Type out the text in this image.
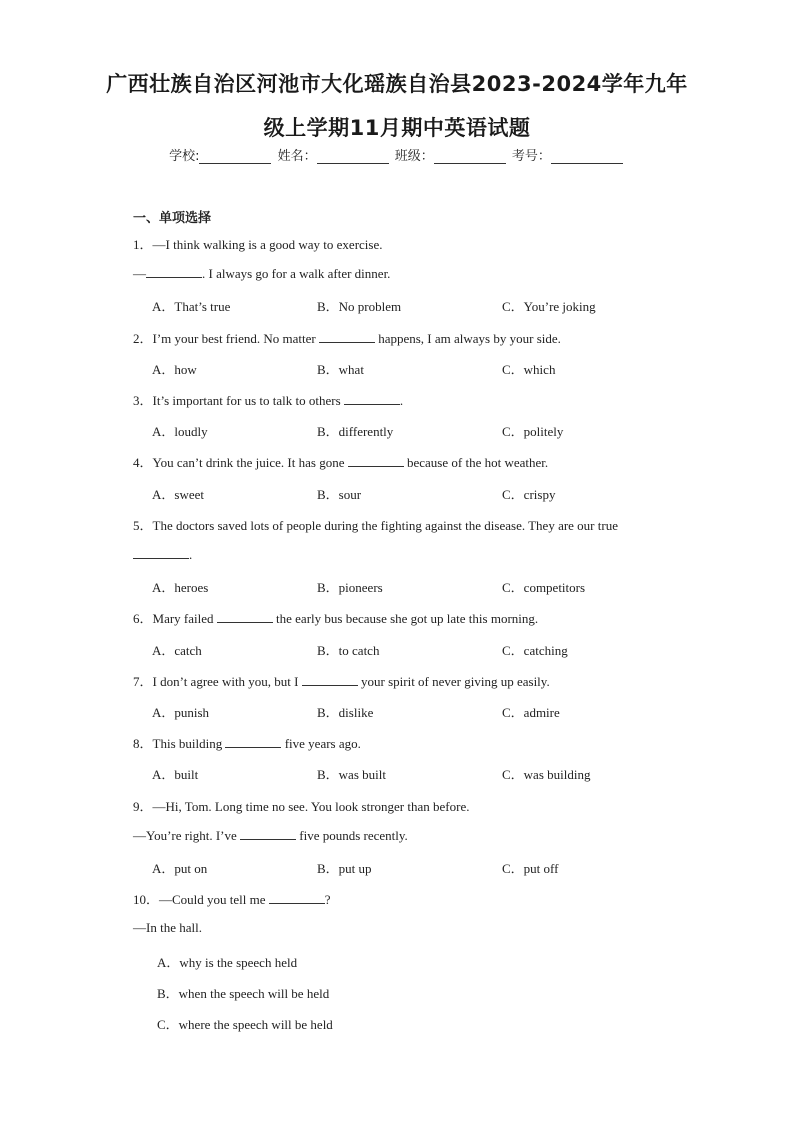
广西壮族自治区河池市大化瑶族自治县2023-2024学年九年
级上学期11月期中英语试题
学校:	姓名：	班级：	考号：
一、单项选择
1．—I think walking is a good way to exercise.
—	. I always go for a walk after dinner.
A．That’s true	B．No problem	C．You’re joking
2．I’m your best friend. No matter	happens, I am always by your side.
A．how	B．what	C．which
3．It’s important for us to talk to others	.
A．loudly	B．differently	C．politely
4．You can’t drink the juice. It has gone	because of the hot weather.
A．sweet	B．sour	C．crispy
5．The doctors saved lots of people during the fighting against the disease. They are our true
.
A．heroes	B．pioneers	C．competitors
6．Mary failed	the early bus because she got up late this morning.
A．catch	B．to catch	C．catching
7．I don’t agree with you, but I	your spirit of never giving up easily.
A．punish	B．dislike	C．admire
8．This building	five years ago.
A．built	B．was built	C．was building
9．—Hi, Tom. Long time no see. You look stronger than before.
—You’re right. I’ve	five pounds recently.
A．put on	B．put up	C．put off
10．—Could you tell me	?
—In the hall.
A．why is the speech held
B．when the speech will be held
C．where the speech will be held
